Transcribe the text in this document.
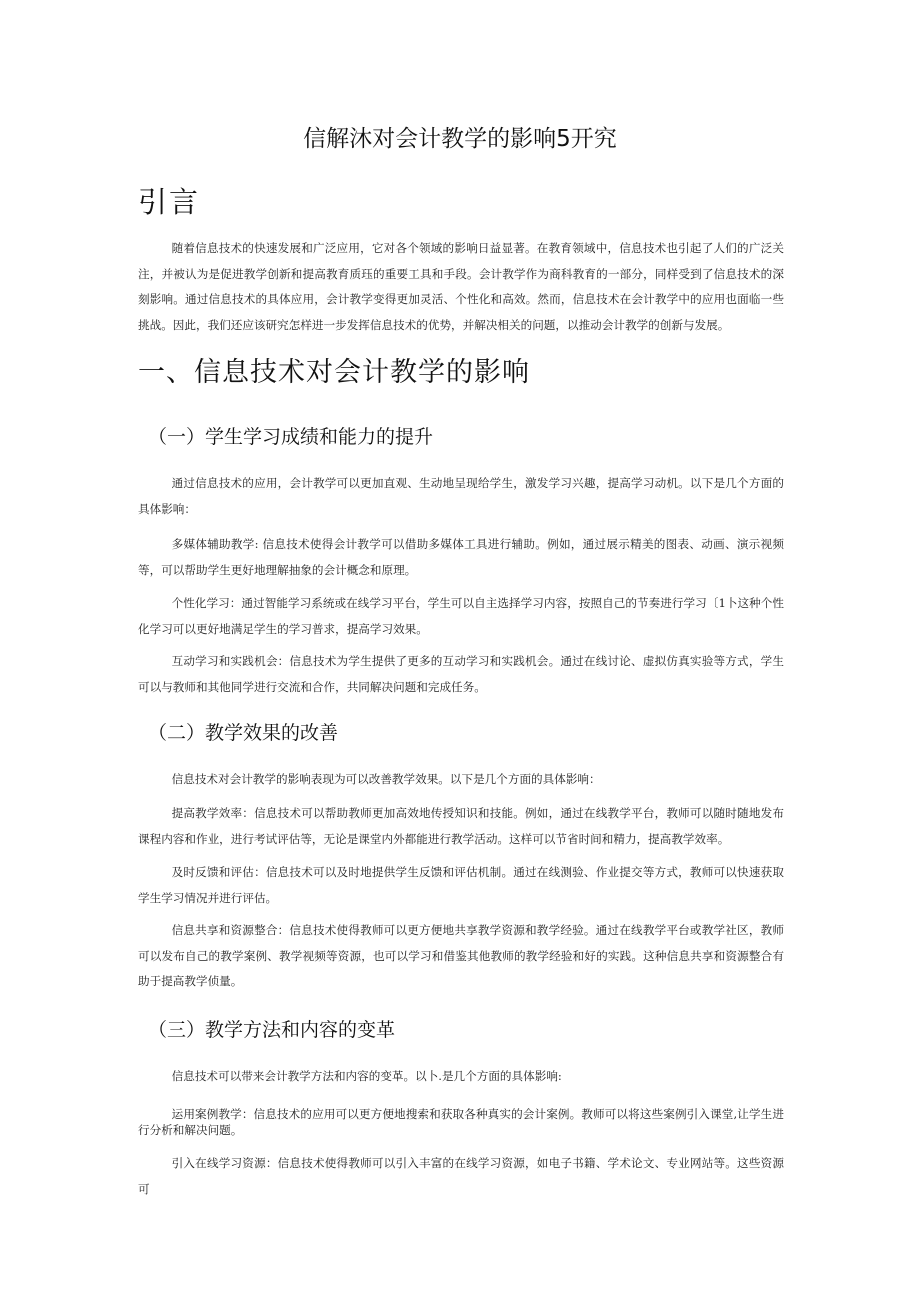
信解沐对会计教学的影响5开究
引言

随着信息技术的快速发展和广泛应用，它对各个领域的影响日益显著。在教育领域中，信息技术也引起了人们的广泛关注，并被认为是促进教学创新和提高教育质珏的重要工具和手段。会计教学作为商科教育的一部分，同样受到了信息技术的深刻影响。通过信息技术的具体应用，会计教学变得更加灵活、个性化和高效。然而，信息技术在会计教学中的应用也面临一些挑战。因此，我们还应该研究怎样进一步发挥信息技术的优势，并解决相关的问题，以推动会计教学的创新与发展。

一、信息技术对会计教学的影响
（一）学生学习成绩和能力的提升

通过信息技术的应用，会计教学可以更加直观、生动地呈现给学生，激发学习兴趣，提高学习动机。以下是几个方面的具体影响：

多媒体辅助教学: 信息技术使得会计教学可以借助多媒体工具进行辅助。例如，通过展示精美的图表、动画、演示视频等，可以帮助学生更好地理解抽象的会计概念和原理。

个性化学习：通过智能学习系统或在线学习平台，学生可以自主选择学习内容，按照自己的节奏进行学习〔1卜这种个性化学习可以更好地满足学生的学习普求，提高学习效果。

互动学习和实践机会：信息技术为学生提供了更多的互动学习和实践机会。通过在线讨论、虚拟仿真实验等方式，学生可以与教师和其他同学进行交流和合作，共同解决问题和完成任务。

（二）教学效果的改善

信息技术对会计教学的影响表现为可以改善教学效果。以下是几个方面的具体影响：

提高教学效率：信息技术可以帮助教师更加高效地传授知识和技能。例如，通过在线教学平台，教师可以随时随地发布课程内容和作业，进行考试评估等，无论是课堂内外都能进行教学活动。这样可以节省时间和精力，提高教学效率。

及时反馈和评估：信息技术可以及时地提供学生反馈和评估机制。通过在线测验、作业提交等方式，教师可以快速获取学生学习情况并进行评估。

信息共享和资源整合：信息技术使得教师可以更方便地共享教学资源和教学经验。通过在线教学平台或教学社区，教师可以发布自己的教学案例、教学视频等资源，也可以学习和借鉴其他教师的教学经验和好的实践。这种信息共享和资源整合有助于提高教学侦量。

（三）教学方法和内容的变革

信息技术可以带来会计教学方法和内容的变革。以卜.是几个方面的具体影响:

运用案例教学：信息技术的应用可以更方便地搜索和获取各种真实的会计案例。教师可以将这些案例引入课堂,让学生进行分析和解决问题。

引入在线学习资源：信息技术使得教师可以引入丰富的在线学习资源，如电子书籍、学术论文、专业网站等。这些资源可
